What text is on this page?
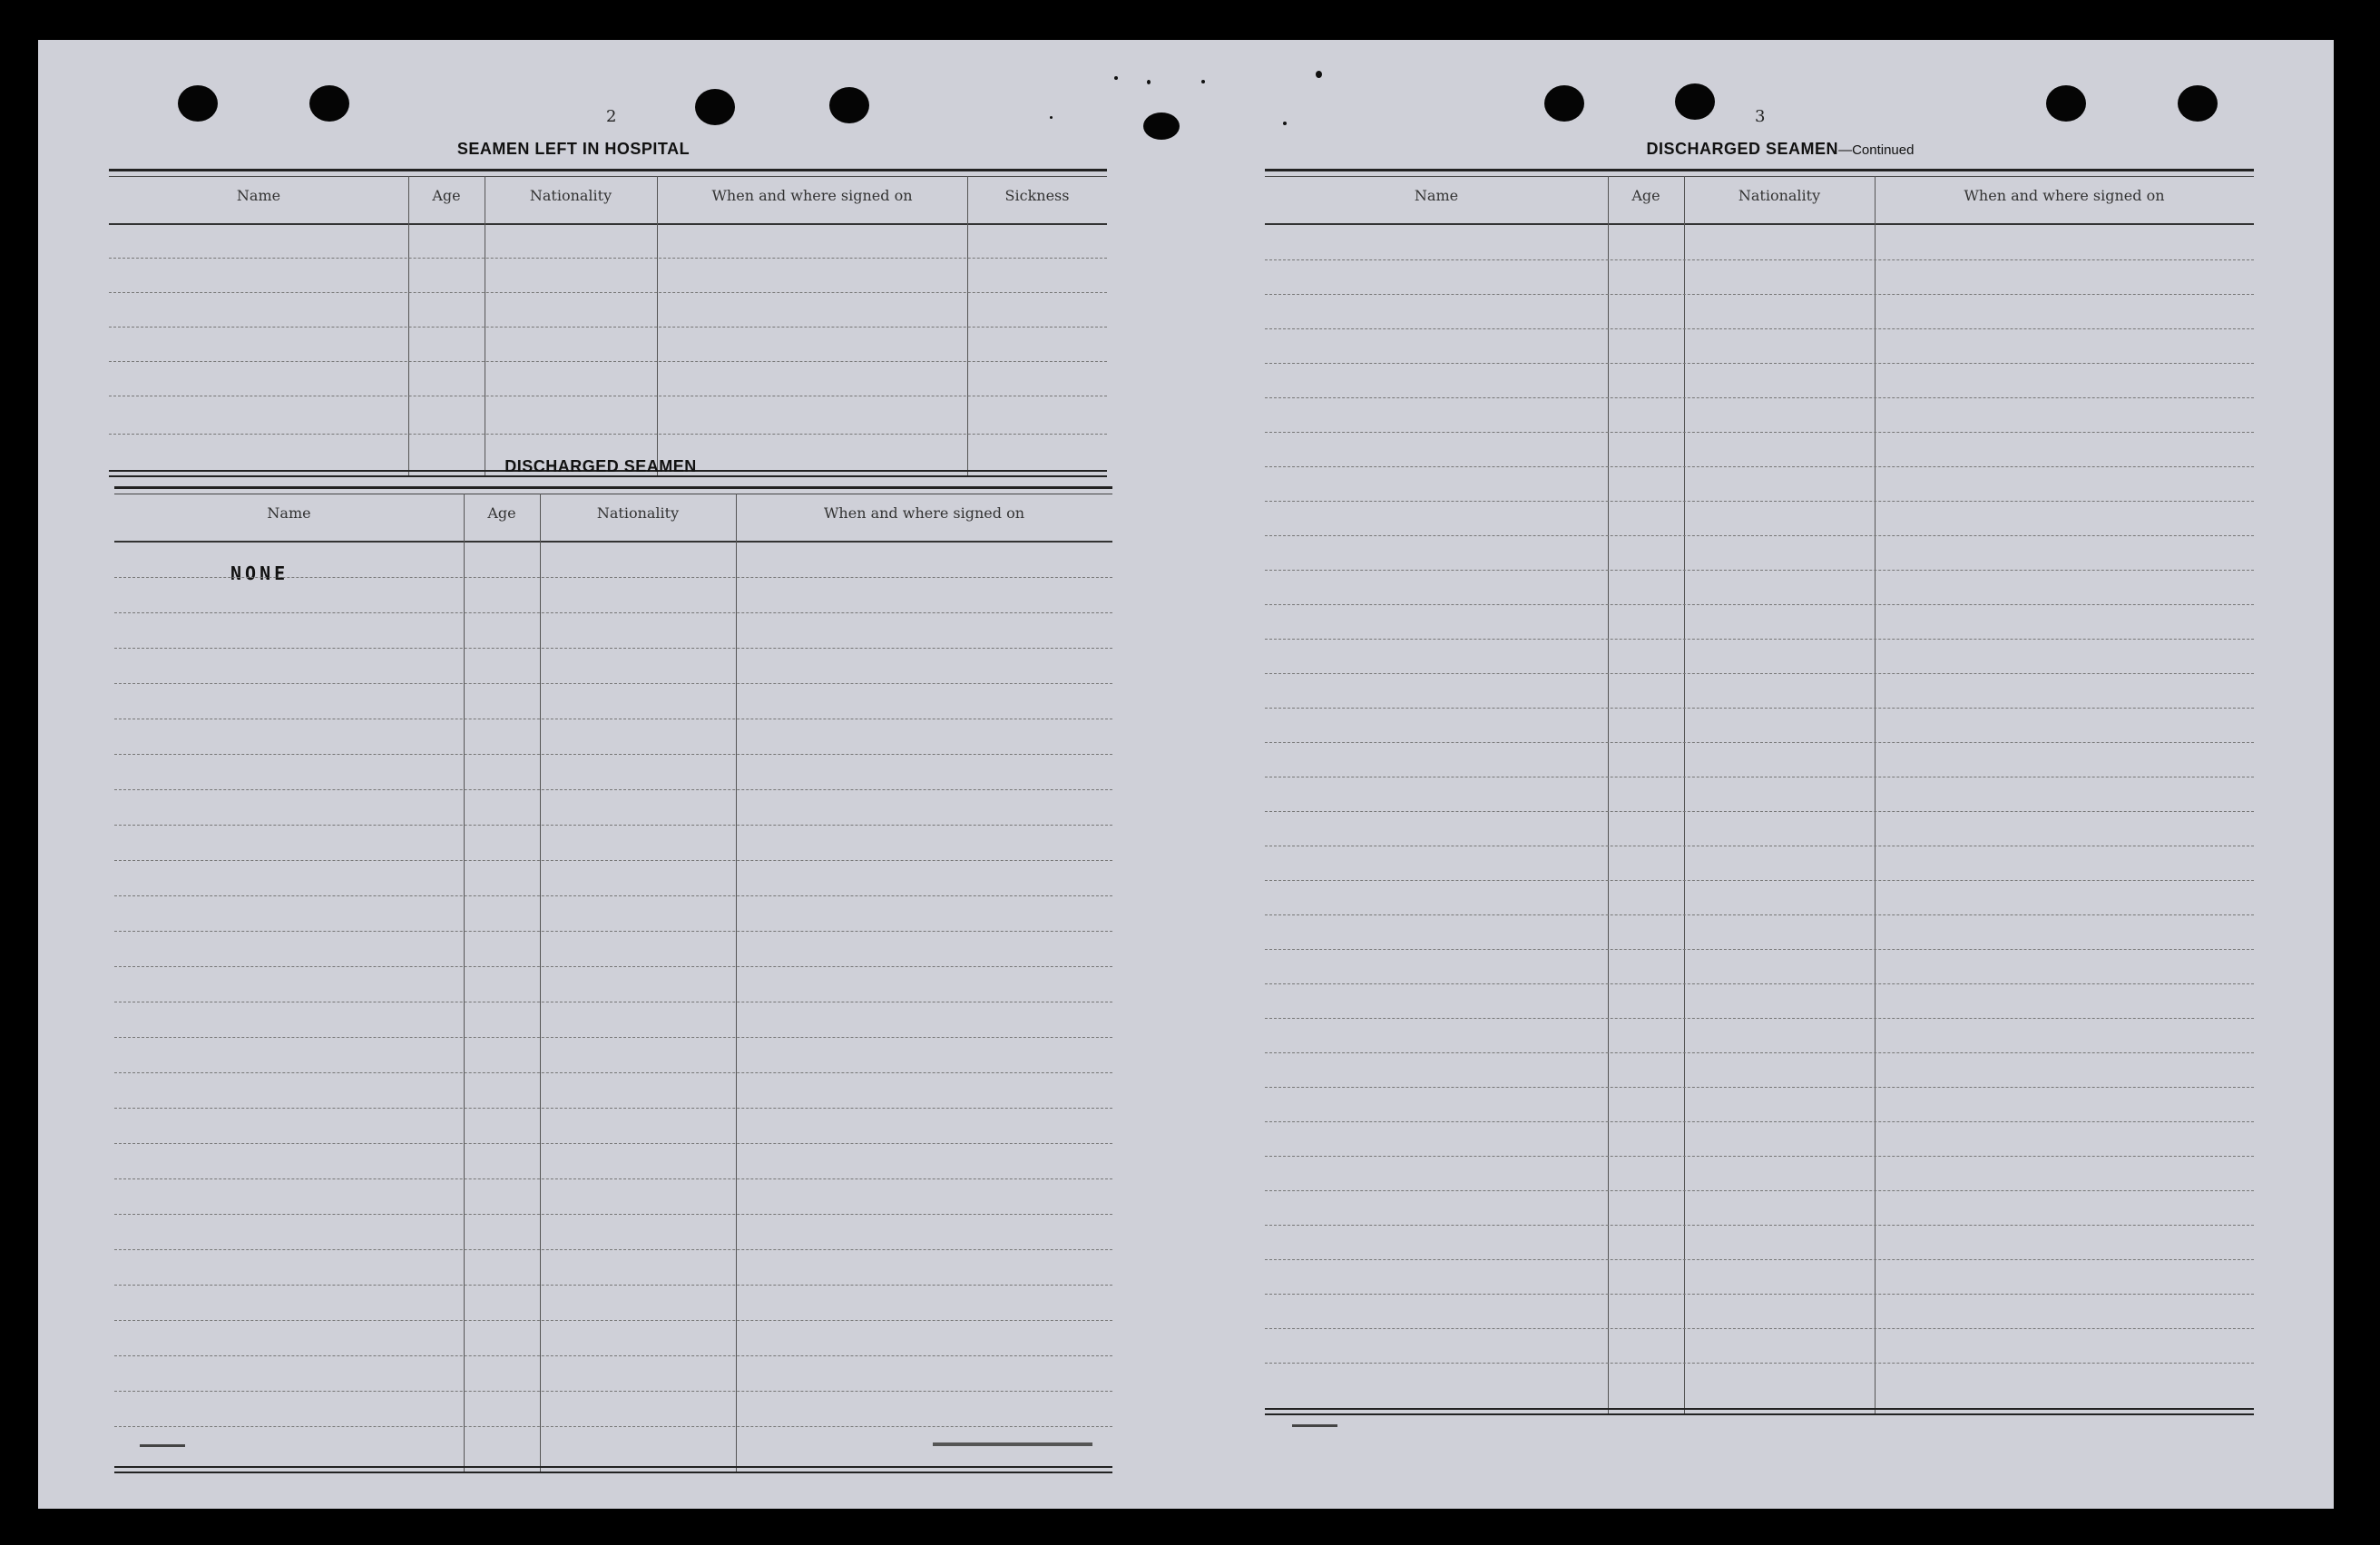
2
SEAMEN LEFT IN HOSPITAL
Name	Age	Nationality	When and where signed on	Sickness
DISCHARGED SEAMEN
Name	Age	Nationality	When and where signed on
NONE
3
DISCHARGED SEAMEN—Continued
Name	Age	Nationality	When and where signed on
